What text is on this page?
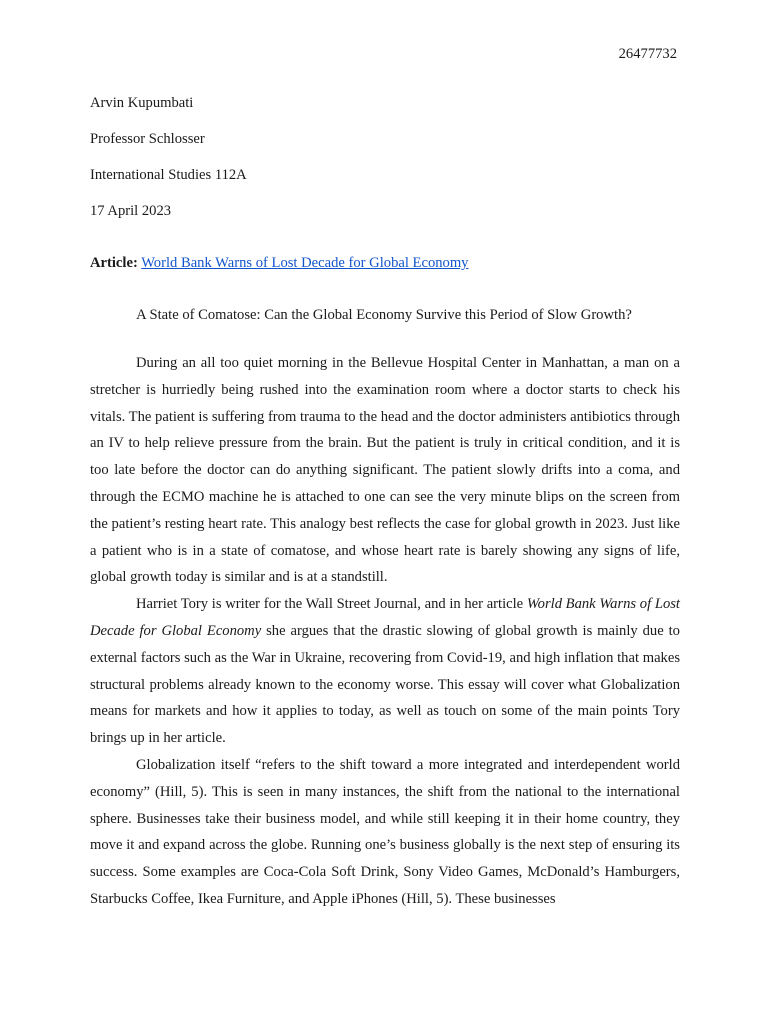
26477732
Arvin Kupumbati
Professor Schlosser
International Studies 112A
17 April 2023
Article: World Bank Warns of Lost Decade for Global Economy
A State of Comatose: Can the Global Economy Survive this Period of Slow Growth?

During an all too quiet morning in the Bellevue Hospital Center in Manhattan, a man on a stretcher is hurriedly being rushed into the examination room where a doctor starts to check his vitals. The patient is suffering from trauma to the head and the doctor administers antibiotics through an IV to help relieve pressure from the brain. But the patient is truly in critical condition, and it is too late before the doctor can do anything significant. The patient slowly drifts into a coma, and through the ECMO machine he is attached to one can see the very minute blips on the screen from the patient’s resting heart rate. This analogy best reflects the case for global growth in 2023. Just like a patient who is in a state of comatose, and whose heart rate is barely showing any signs of life, global growth today is similar and is at a standstill.

Harriet Tory is writer for the Wall Street Journal, and in her article World Bank Warns of Lost Decade for Global Economy she argues that the drastic slowing of global growth is mainly due to external factors such as the War in Ukraine, recovering from Covid-19, and high inflation that makes structural problems already known to the economy worse. This essay will cover what Globalization means for markets and how it applies to today, as well as touch on some of the main points Tory brings up in her article.

Globalization itself “refers to the shift toward a more integrated and interdependent world economy” (Hill, 5). This is seen in many instances, the shift from the national to the international sphere. Businesses take their business model, and while still keeping it in their home country, they move it and expand across the globe. Running one’s business globally is the next step of ensuring its success. Some examples are Coca-Cola Soft Drink, Sony Video Games, McDonald’s Hamburgers, Starbucks Coffee, Ikea Furniture, and Apple iPhones (Hill, 5). These businesses
